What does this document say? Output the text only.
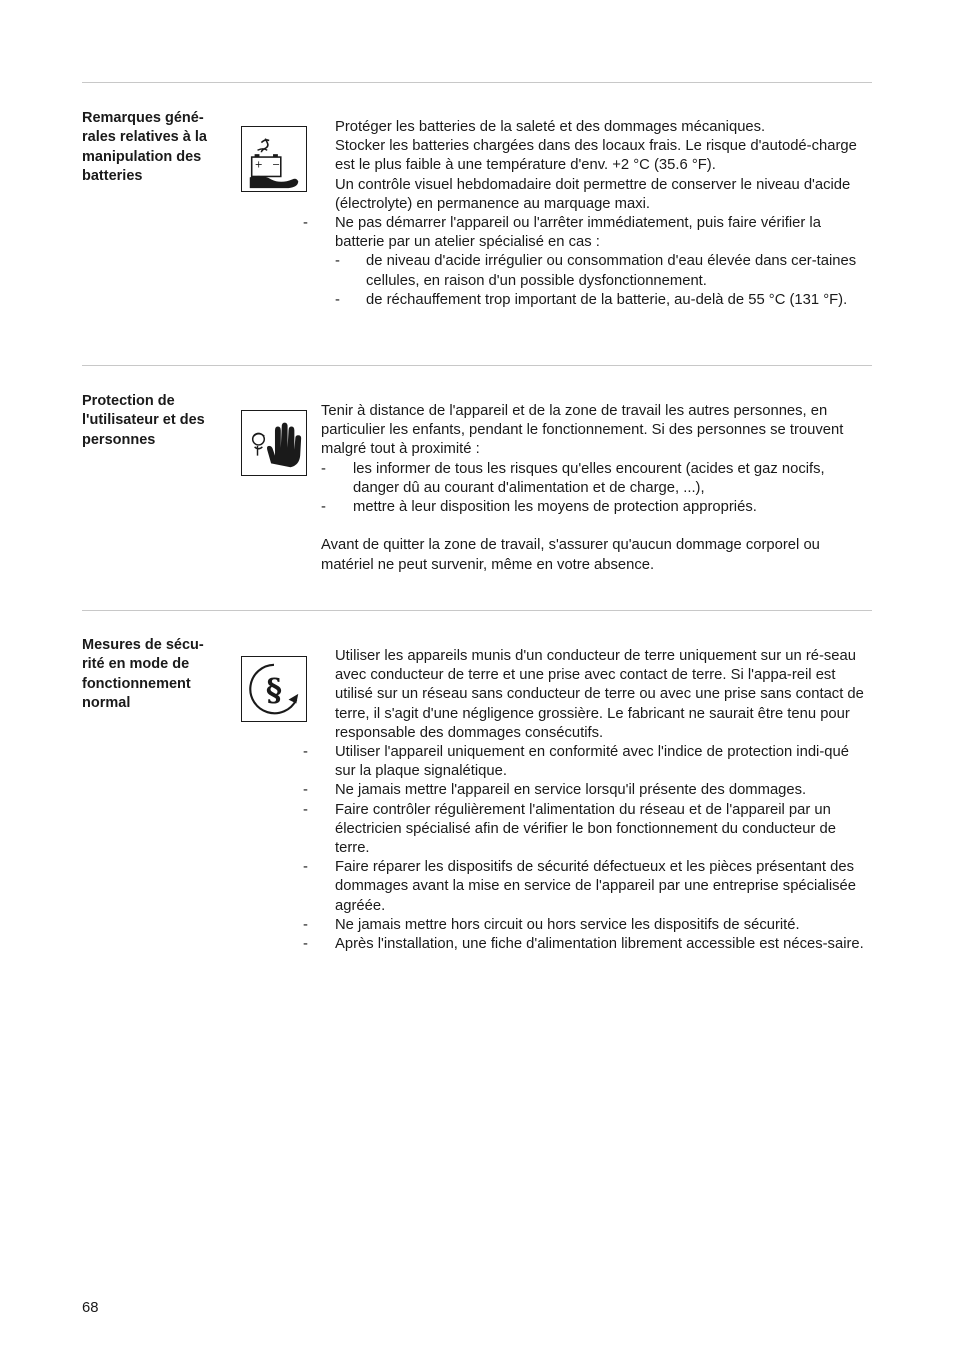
Remarques géné-
rales relatives à la
manipulation des
batteries
+ −

Protéger les batteries de la saleté et des dommages mécaniques.

Stocker les batteries chargées dans des locaux frais. Le risque d'autodé-charge est le plus faible à une température d'env. +2 °C (35.6 °F).

Un contrôle visuel hebdomadaire doit permettre de conserver le niveau d'acide (électrolyte) en permanence au marquage maxi.

- Ne pas démarrer l'appareil ou l'arrêter immédiatement, puis faire vérifier la batterie par un atelier spécialisé en cas :
- de niveau d'acide irrégulier ou consommation d'eau élevée dans cer-taines cellules, en raison d'un possible dysfonctionnement.
- de réchauffement trop important de la batterie, au-delà de 55 °C (131 °F).
Protection de
l'utilisateur et des
personnes

Tenir à distance de l'appareil et de la zone de travail les autres personnes, en particulier les enfants, pendant le fonctionnement. Si des personnes se trouvent malgré tout à proximité :

- les informer de tous les risques qu'elles encourent (acides et gaz nocifs, danger dû au courant d'alimentation et de charge, ...),
- mettre à leur disposition les moyens de protection appropriés.

Avant de quitter la zone de travail, s'assurer qu'aucun dommage corporel ou matériel ne peut survenir, même en votre absence.

Mesures de sécu-
rité en mode de
fonctionnement
normal	§

Utiliser les appareils munis d'un conducteur de terre uniquement sur un ré-seau avec conducteur de terre et une prise avec contact de terre. Si l'appa-reil est utilisé sur un réseau sans conducteur de terre ou avec une prise sans contact de terre, il s'agit d'une négligence grossière. Le fabricant ne saurait être tenu pour responsable des dommages consécutifs.

- Utiliser l'appareil uniquement en conformité avec l'indice de protection indi-qué sur la plaque signalétique.
- Ne jamais mettre l'appareil en service lorsqu'il présente des dommages.
- Faire contrôler régulièrement l'alimentation du réseau et de l'appareil par un électricien spécialisé afin de vérifier le bon fonctionnement du conducteur de terre.
- Faire réparer les dispositifs de sécurité défectueux et les pièces présentant des dommages avant la mise en service de l'appareil par une entreprise spécialisée agréée.
- Ne jamais mettre hors circuit ou hors service les dispositifs de sécurité.
- Après l'installation, une fiche d'alimentation librement accessible est néces-saire.
68
